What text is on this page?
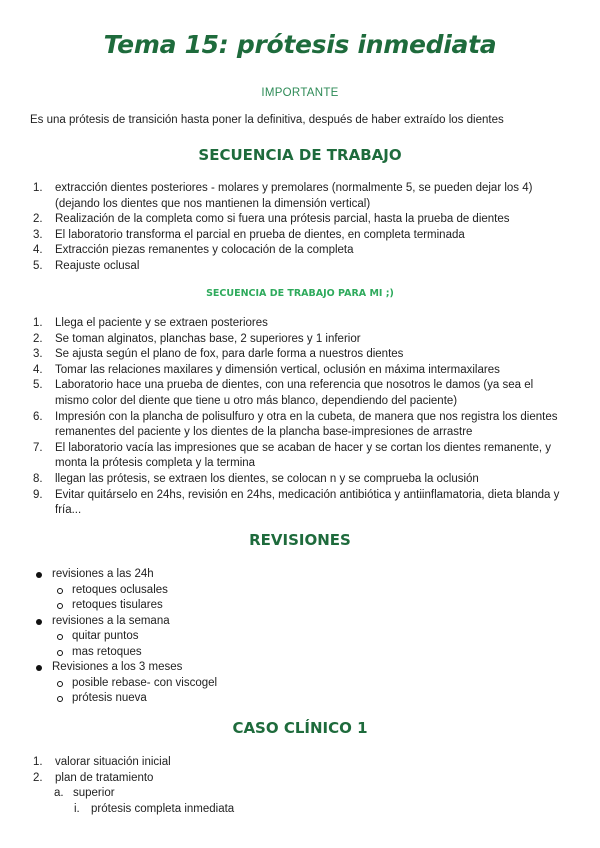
Tema 15: prótesis inmediata

IMPORTANTE

Es una prótesis de transición hasta poner la definitiva, después de haber extraído los dientes

SECUENCIA DE TRABAJO
1. extracción dientes posteriores - molares y premolares (normalmente 5, se pueden dejar los 4)(dejando los dientes que nos mantienen la dimensión vertical)
2. Realización de la completa como si fuera una prótesis parcial, hasta la prueba de dientes
3. El laboratorio transforma el parcial en prueba de dientes, en completa terminada
4. Extracción piezas remanentes y colocación de la completa
5. Reajuste oclusal
SECUENCIA DE TRABAJO PARA MI ;)
1. Llega el paciente y se extraen posteriores
2. Se toman alginatos, planchas base, 2 superiores y 1 inferior
3. Se ajusta según el plano de fox, para darle forma a nuestros dientes
4. Tomar las relaciones maxilares y dimensión vertical, oclusión en máxima intermaxilares
5. Laboratorio hace una prueba de dientes, con una referencia que nosotros le damos (ya sea el mismo color del diente que tiene u otro más blanco, dependiendo del paciente)
6. Impresión con la plancha de polisulfuro y otra en la cubeta, de manera que nos registra los dientes remanentes del paciente y los dientes de la plancha base-impresiones de arrastre
7. El laboratorio vacía las impresiones que se acaban de hacer y se cortan los dientes remanente, y monta la prótesis completa y la termina
8. llegan las prótesis, se extraen los dientes, se colocan n y se comprueba la oclusión
9. Evitar quitárselo en 24hs, revisión en 24hs, medicación antibiótica y antiinflamatoria, dieta blanda y fría...
REVISIONES
revisiones a las 24h
retoques oclusales
retoques tisulares
revisiones a la semana
quitar puntos
mas retoques
Revisiones a los 3 meses
posible rebase- con viscogel
prótesis nueva
CASO CLÍNICO 1
1. valorar situación inicial
2. plan de tratamiento
a. superior
i. prótesis completa inmediata
